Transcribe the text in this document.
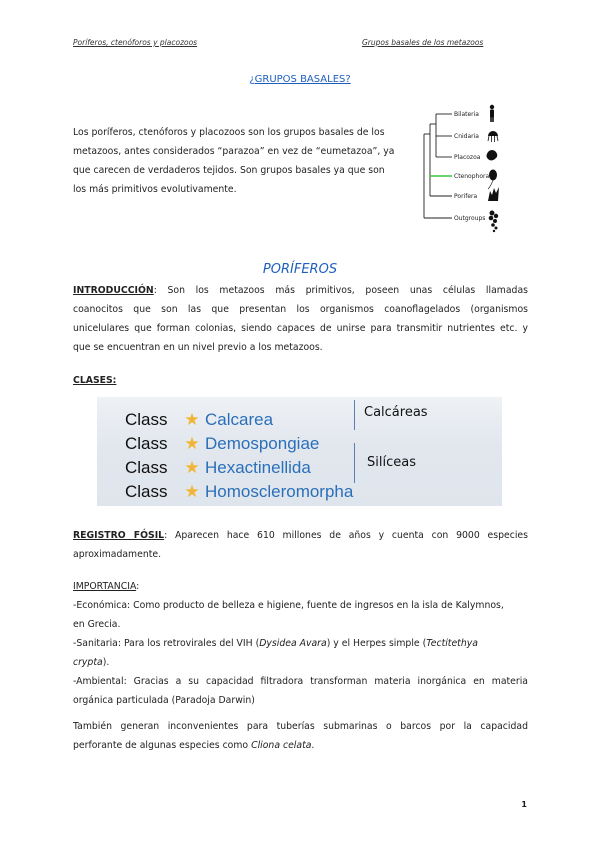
Poríferos, ctenóforos y placozoos	Grupos basales de los metazoos
¿GRUPOS BASALES?
Los poríferos, ctenóforos y placozoos son los grupos basales de los
metazoos, antes considerados “parazoa” en vez de “eumetazoa”, ya
que carecen de verdaderos tejidos. Son grupos basales ya que son
los más primitivos evolutivamente.
Bilateria
Cnidaria
Placozoa
Ctenophora
Porifera
Outgroups
PORÍFEROS
INTRODUCCIÓN: Son los metazoos más primitivos, poseen unas células llamadas
coanocitos que son las que presentan los organismos coanoflagelados (organismos
unicelulares que forman colonias, siendo capaces de unirse para transmitir nutrientes etc. y
que se encuentran en un nivel previo a los metazoos.
CLASES:
Class ★ Calcarea
Class ★ Demospongiae
Class ★ Hexactinellida
Class ★ Homoscleromorpha
Calcáreas
Silíceas
REGISTRO FÓSIL: Aparecen hace 610 millones de años y cuenta con 9000 especies
aproximadamente.
IMPORTANCIA:
-Económica: Como producto de belleza e higiene, fuente de ingresos en la isla de Kalymnos,
en Grecia.
-Sanitaria: Para los retrovirales del VIH (Dysidea Avara) y el Herpes simple (Tectitethya
crypta).
-Ambiental: Gracias a su capacidad filtradora transforman materia inorgánica en materia
orgánica particulada (Paradoja Darwin)
También generan inconvenientes para tuberías submarinas o barcos por la capacidad
perforante de algunas especies como Cliona celata.
1
